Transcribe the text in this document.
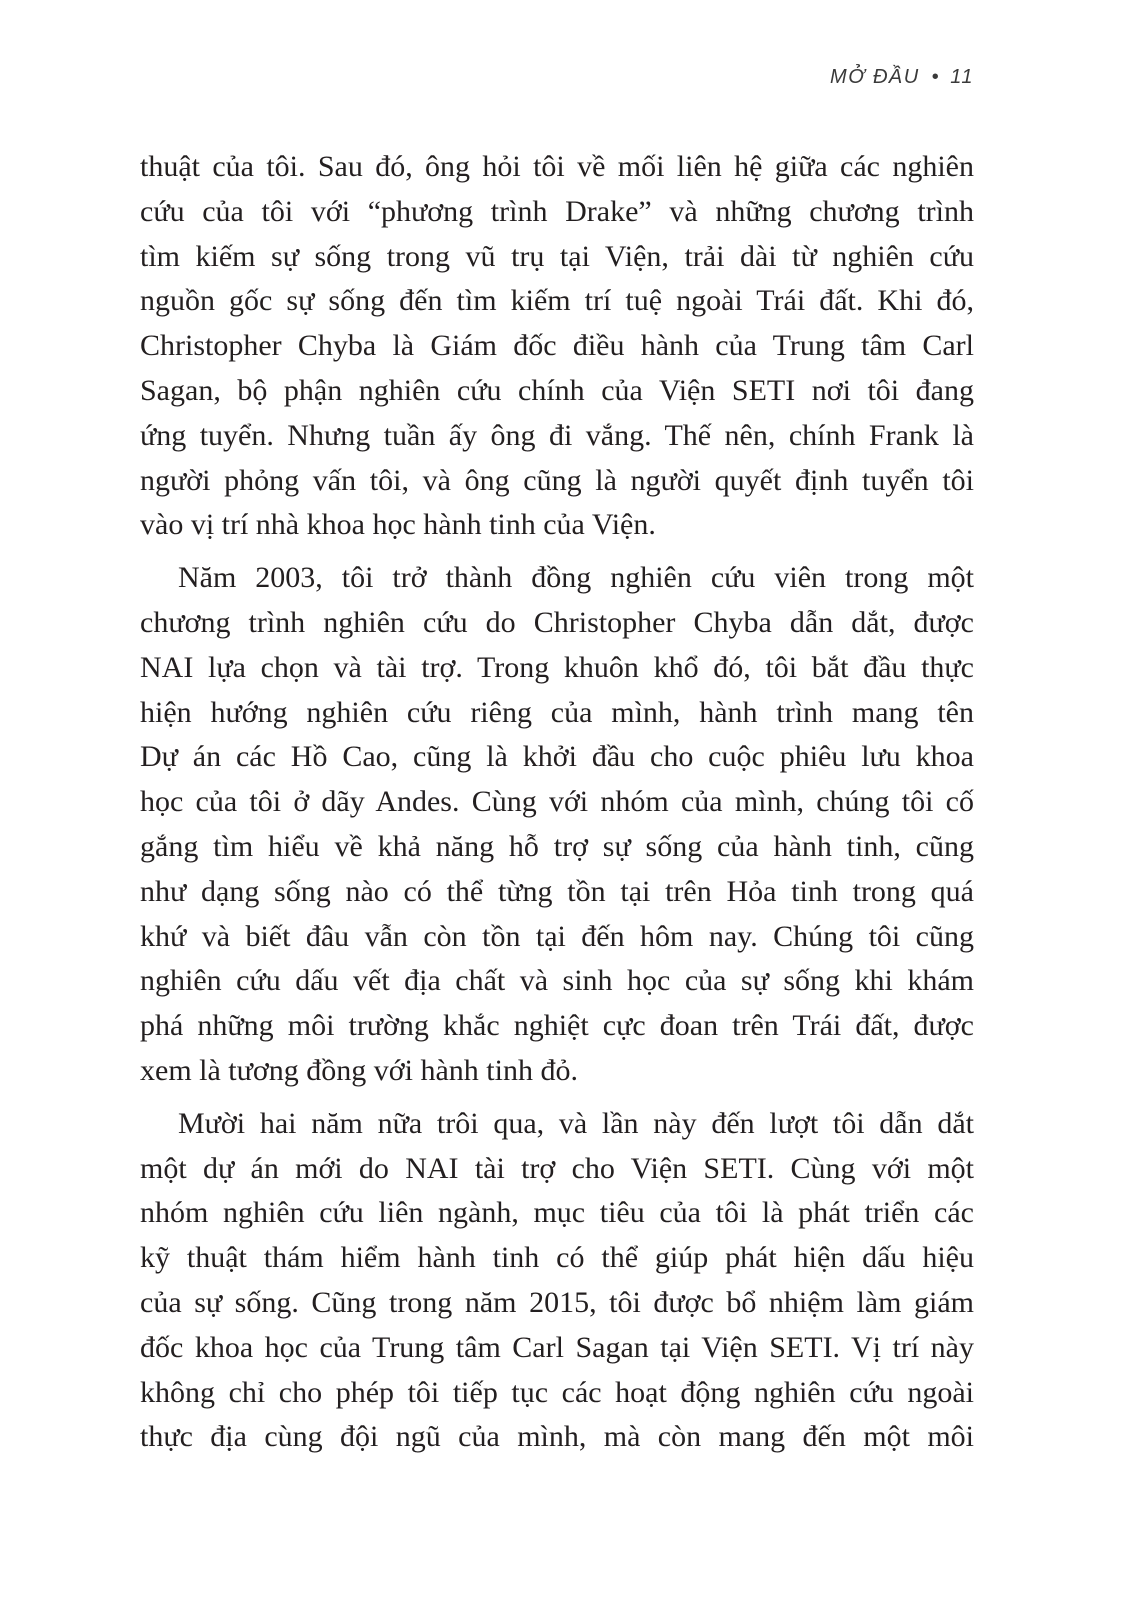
MỞ ĐẦU • 11
thuật của tôi. Sau đó, ông hỏi tôi về mối liên hệ giữa các nghiên
cứu của tôi với “phương trình Drake” và những chương trình
tìm kiếm sự sống trong vũ trụ tại Viện, trải dài từ nghiên cứu
nguồn gốc sự sống đến tìm kiếm trí tuệ ngoài Trái đất. Khi đó,
Christopher Chyba là Giám đốc điều hành của Trung tâm Carl
Sagan, bộ phận nghiên cứu chính của Viện SETI nơi tôi đang
ứng tuyển. Nhưng tuần ấy ông đi vắng. Thế nên, chính Frank là
người phỏng vấn tôi, và ông cũng là người quyết định tuyển tôi
vào vị trí nhà khoa học hành tinh của Viện.
Năm 2003, tôi trở thành đồng nghiên cứu viên trong một
chương trình nghiên cứu do Christopher Chyba dẫn dắt, được
NAI lựa chọn và tài trợ. Trong khuôn khổ đó, tôi bắt đầu thực
hiện hướng nghiên cứu riêng của mình, hành trình mang tên
Dự án các Hồ Cao, cũng là khởi đầu cho cuộc phiêu lưu khoa
học của tôi ở dãy Andes. Cùng với nhóm của mình, chúng tôi cố
gắng tìm hiểu về khả năng hỗ trợ sự sống của hành tinh, cũng
như dạng sống nào có thể từng tồn tại trên Hỏa tinh trong quá
khứ và biết đâu vẫn còn tồn tại đến hôm nay. Chúng tôi cũng
nghiên cứu dấu vết địa chất và sinh học của sự sống khi khám
phá những môi trường khắc nghiệt cực đoan trên Trái đất, được
xem là tương đồng với hành tinh đỏ.
Mười hai năm nữa trôi qua, và lần này đến lượt tôi dẫn dắt
một dự án mới do NAI tài trợ cho Viện SETI. Cùng với một
nhóm nghiên cứu liên ngành, mục tiêu của tôi là phát triển các
kỹ thuật thám hiểm hành tinh có thể giúp phát hiện dấu hiệu
của sự sống. Cũng trong năm 2015, tôi được bổ nhiệm làm giám
đốc khoa học của Trung tâm Carl Sagan tại Viện SETI. Vị trí này
không chỉ cho phép tôi tiếp tục các hoạt động nghiên cứu ngoài
thực địa cùng đội ngũ của mình, mà còn mang đến một môi
